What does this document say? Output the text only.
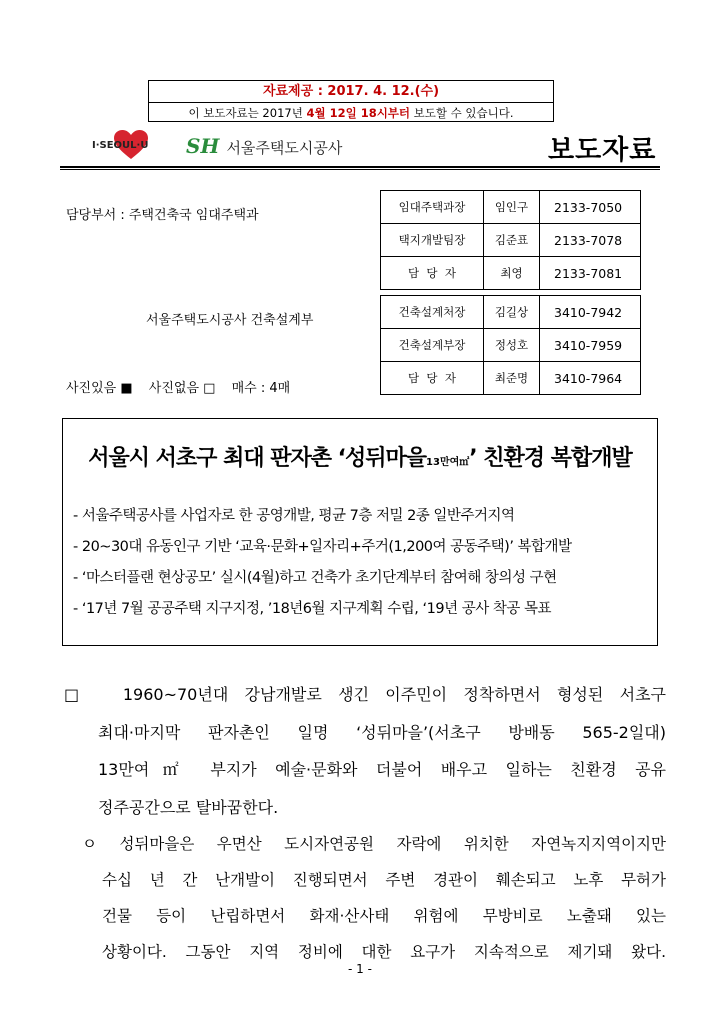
자료제공 : 2017. 4. 12.(수)
이 보도자료는 2017년 4월 12일 18시부터 보도할 수 있습니다.
I·SEOUL·U SH 서울주택도시공사	보도자료
담당부서 : 주택건축국 임대주택과
서울주택도시공사 건축설계부
사진있음 ■ 사진없음 □ 매수 : 4매
임대주택과장	임인구	2133-7050
택지개발팀장	김준표	2133-7078
담  당  자	최영	2133-7081

건축설계처장	김길상	3410-7942
건축설계부장	정성호	3410-7959
담  당  자	최준명	3410-7964
서울시 서초구 최대 판자촌 ‘성뒤마을13만여㎡’ 친환경 복합개발
- 서울주택공사를 사업자로 한 공영개발, 평균 7층 저밀 2종 일반주거지역
- 20~30대 유동인구 기반 ‘교육·문화+일자리+주거(1,200여 공동주택)’ 복합개발
- ‘마스터플랜 현상공모’ 실시(4월)하고 건축가 초기단계부터 참여해 창의성 구현
- ‘17년 7월 공공주택 지구지정, ’18년6월 지구계획 수립, ‘19년 공사 착공 목표
□ 1960~70년대 강남개발로 생긴 이주민이 정착하면서 형성된 서초구
최대·마지막 판자촌인 일명 ‘성뒤마을’(서초구 방배동 565-2일대)
13만여㎡ 부지가 예술·문화와 더불어 배우고 일하는 친환경 공유
정주공간으로 탈바꿈한다.
ㅇ 성뒤마을은 우면산 도시자연공원 자락에 위치한 자연녹지지역이지만
수십 년 간 난개발이 진행되면서 주변 경관이 훼손되고 노후 무허가
건물 등이 난립하면서 화재·산사태 위험에 무방비로 노출돼 있는
상황이다. 그동안 지역 정비에 대한 요구가 지속적으로 제기돼 왔다.
- 1 -
